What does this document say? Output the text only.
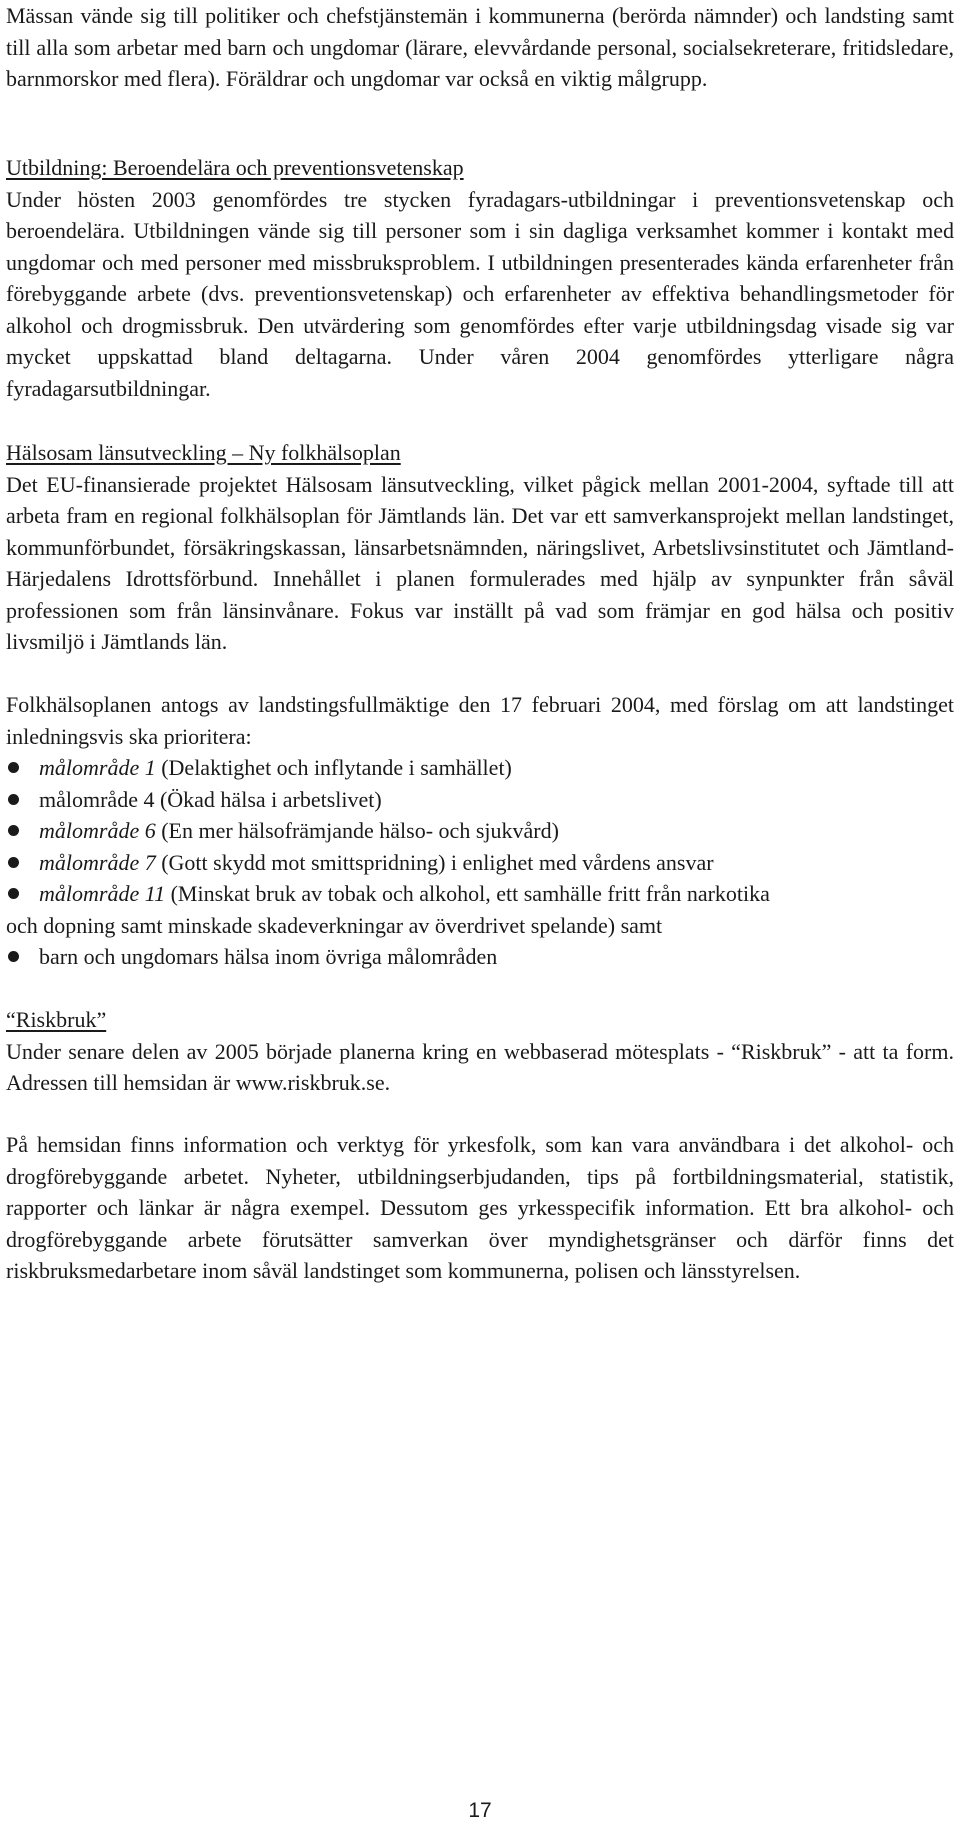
Mässan vände sig till politiker och chefstjänstemän i kommunerna (berörda nämnder) och landsting samt till alla som arbetar med barn och ungdomar (lärare, elevvårdande personal, socialsekreterare, fritidsledare, barnmorskor med flera). Föräldrar och ungdomar var också en viktig målgrupp.

Utbildning: Beroendelära och preventionsvetenskap

Under hösten 2003 genomfördes tre stycken fyradagars-utbildningar i preventionsvetenskap och beroendelära. Utbildningen vände sig till personer som i sin dagliga verksamhet kommer i kontakt med ungdomar och med personer med missbruksproblem. I utbildningen presenterades kända erfarenheter från förebyggande arbete (dvs. preventionsvetenskap) och erfarenheter av effektiva behandlingsmetoder för alkohol och drogmissbruk. Den utvärdering som genomfördes efter varje utbildningsdag visade sig var mycket uppskattad bland deltagarna. Under våren 2004 genomfördes ytterligare några fyradagarsutbildningar.

Hälsosam länsutveckling – Ny folkhälsoplan

Det EU-finansierade projektet Hälsosam länsutveckling, vilket pågick mellan 2001-2004, syftade till att arbeta fram en regional folkhälsoplan för Jämtlands län. Det var ett samverkansprojekt mellan landstinget, kommunförbundet, försäkringskassan, länsarbetsnämnden, näringslivet, Arbetslivsinstitutet och Jämtland-Härjedalens Idrottsförbund. Innehållet i planen formulerades med hjälp av synpunkter från såväl professionen som från länsinvånare. Fokus var inställt på vad som främjar en god hälsa och positiv livsmiljö i Jämtlands län.

Folkhälsoplanen antogs av landstingsfullmäktige den 17 februari 2004, med förslag om att landstinget inledningsvis ska prioritera:

målområde 1 (Delaktighet och inflytande i samhället)
målområde 4 (Ökad hälsa i arbetslivet)
målområde 6 (En mer hälsofrämjande hälso- och sjukvård)
målområde 7 (Gott skydd mot smittspridning) i enlighet med vårdens ansvar
målområde 11 (Minskat bruk av tobak och alkohol, ett samhälle fritt från narkotika
och dopning samt minskade skadeverkningar av överdrivet spelande) samt
barn och ungdomars hälsa inom övriga målområden
“Riskbruk”

Under senare delen av 2005 började planerna kring en webbaserad mötesplats - “Riskbruk” - att ta form. Adressen till hemsidan är www.riskbruk.se.

På hemsidan finns information och verktyg för yrkesfolk, som kan vara användbara i det alkohol- och drogförebyggande arbetet. Nyheter, utbildningserbjudanden, tips på fortbildningsmaterial, statistik, rapporter och länkar är några exempel. Dessutom ges yrkesspecifik information. Ett bra alkohol- och drogförebyggande arbete förutsätter samverkan över myndighetsgränser och därför finns det riskbruksmedarbetare inom såväl landstinget som kommunerna, polisen och länsstyrelsen.

17
